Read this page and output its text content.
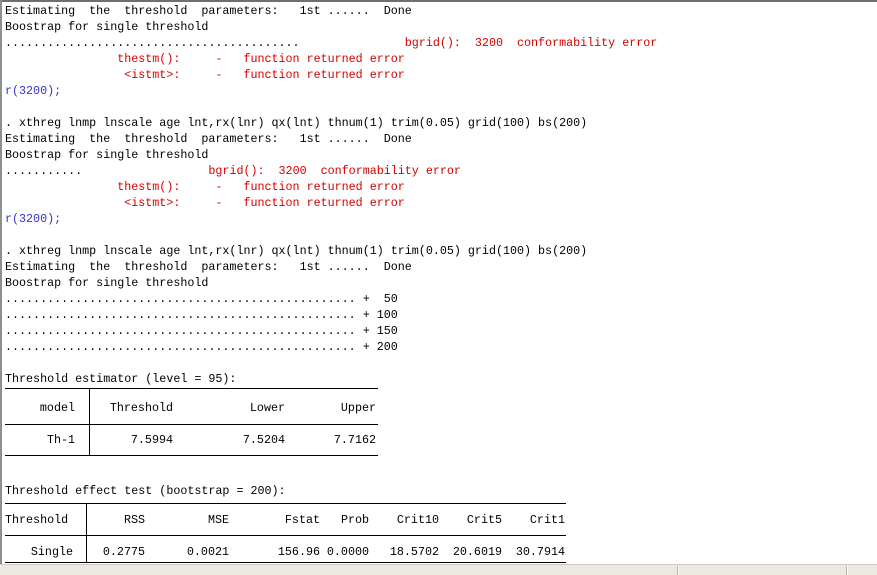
Estimating  the  threshold  parameters:   1st ......  Done
Boostrap for single threshold
..........................................               bgrid():  3200  conformability error
thestm():     -   function returned error
<istmt>:     -   function returned error
r(3200);

. xthreg lnmp lnscale age lnt,rx(lnr) qx(lnt) thnum(1) trim(0.05) grid(100) bs(200)
Estimating  the  threshold  parameters:   1st ......  Done
Boostrap for single threshold
...........                  bgrid():  3200  conformability error
thestm():     -   function returned error
<istmt>:     -   function returned error
r(3200);

. xthreg lnmp lnscale age lnt,rx(lnr) qx(lnt) thnum(1) trim(0.05) grid(100) bs(200)
Estimating  the  threshold  parameters:   1st ......  Done
Boostrap for single threshold
.................................................. +  50
.................................................. + 100
.................................................. + 150
.................................................. + 200
Threshold estimator (level = 95):
model	Threshold	Lower	Upper
Th-1	7.5994	7.5204	7.7162
Threshold effect test (bootstrap = 200):
Threshold	RSS	MSE	Fstat Prob Crit10 Crit5 Crit1
Single	0.2775	0.0021	156.96 0.0000 18.5702 20.6019 30.7914
